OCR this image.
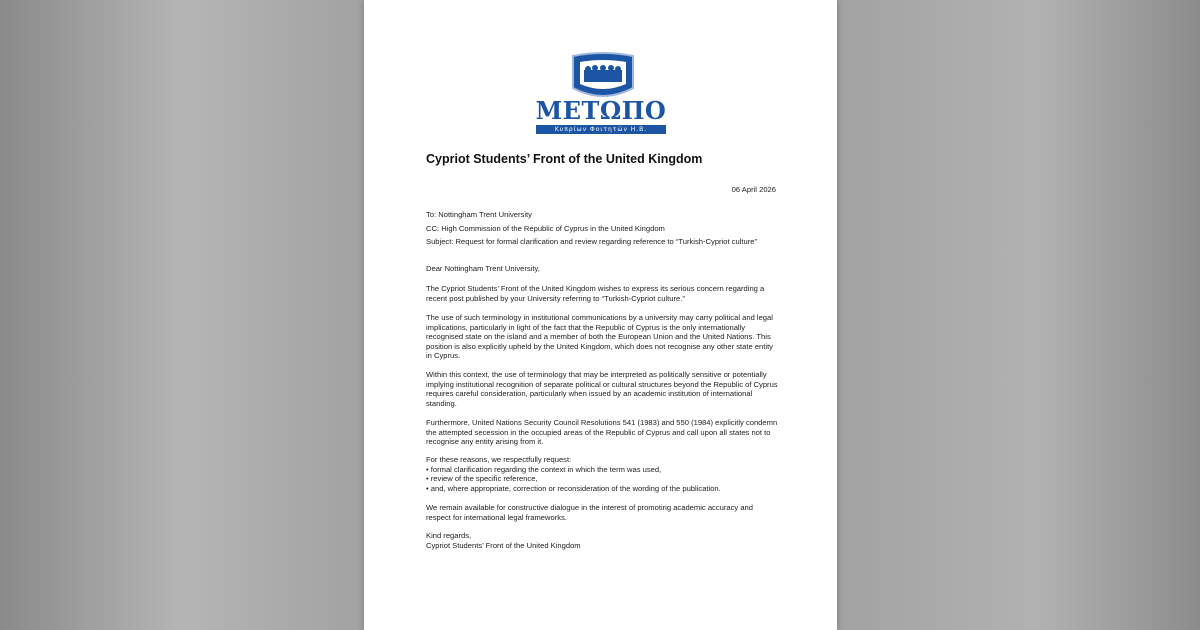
ΜΕΤΩΠΟ
Κυπρίων Φοιτητών Η.Β.
Cypriot Students’ Front of the United Kingdom
06 April 2026
To: Nottingham Trent University
CC: High Commission of the Republic of Cyprus in the United Kingdom
Subject: Request for formal clarification and review regarding reference to “Turkish-Cypriot culture”
Dear Nottingham Trent University,

The Cypriot Students’ Front of the United Kingdom wishes to express its serious concern regarding a recent post published by your University referring to “Turkish-Cypriot culture.”

The use of such terminology in institutional communications by a university may carry political and legal implications, particularly in light of the fact that the Republic of Cyprus is the only internationally recognised state on the island and a member of both the European Union and the United Nations. This position is also explicitly upheld by the United Kingdom, which does not recognise any other state entity in Cyprus.

Within this context, the use of terminology that may be interpreted as politically sensitive or potentially implying institutional recognition of separate political or cultural structures beyond the Republic of Cyprus requires careful consideration, particularly when issued by an academic institution of international standing.

Furthermore, United Nations Security Council Resolutions 541 (1983) and 550 (1984) explicitly condemn the attempted secession in the occupied areas of the Republic of Cyprus and call upon all states not to recognise any entity arising from it.

For these reasons, we respectfully request:
• formal clarification regarding the context in which the term was used,
• review of the specific reference,
• and, where appropriate, correction or reconsideration of the wording of the publication.

We remain available for constructive dialogue in the interest of promoting academic accuracy and respect for international legal frameworks.

Kind regards,
Cypriot Students’ Front of the United Kingdom
